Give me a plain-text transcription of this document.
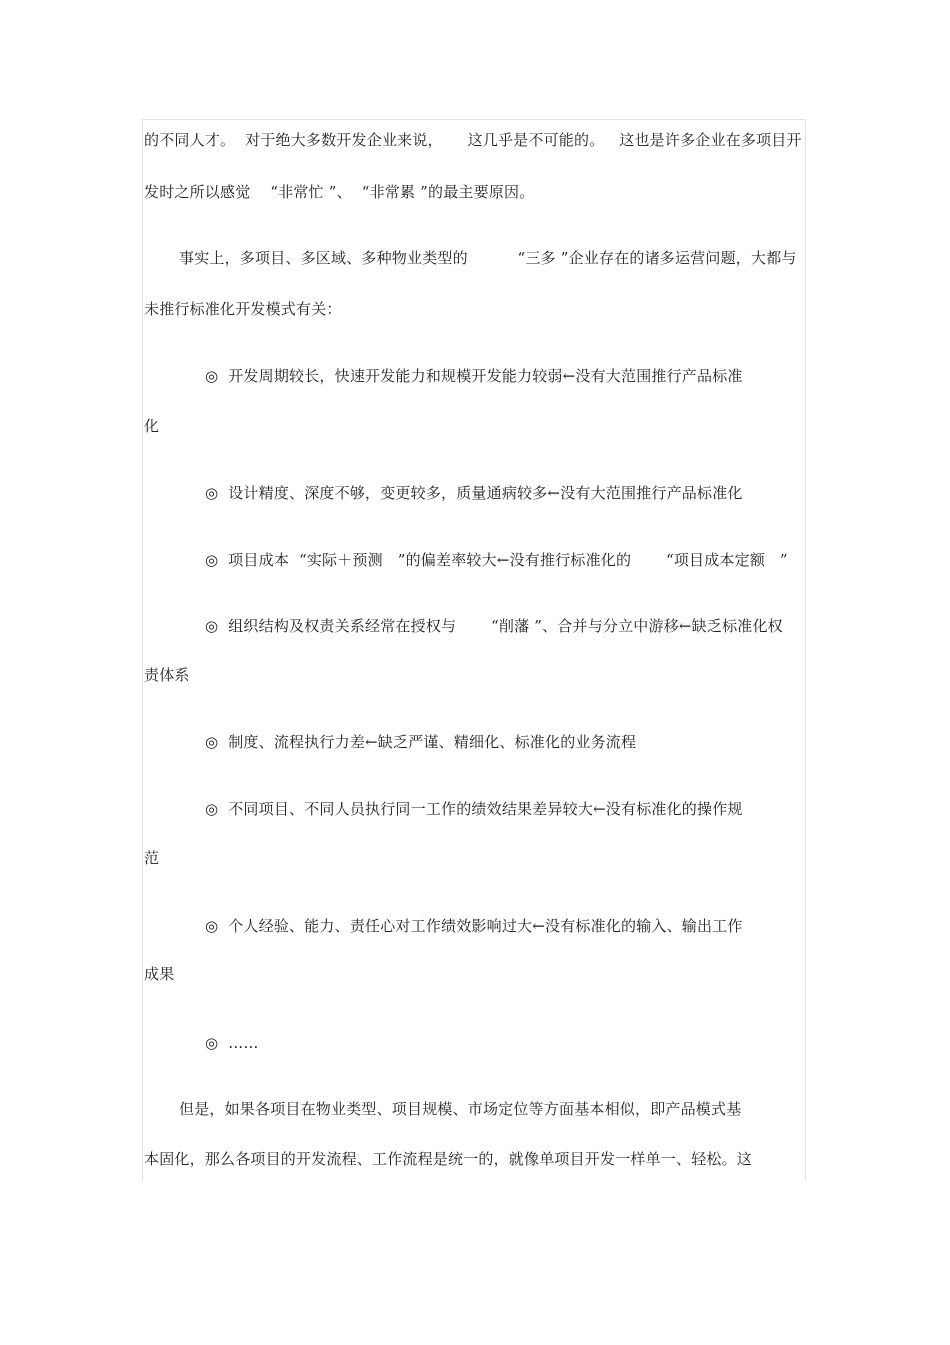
的不同人才。  对于绝大多数开发企业来说，     这几乎是不可能的。   这也是许多企业在多项目开
发时之所以感觉    “非常忙 ”、  “非常累 ”的最主要原因。
事实上，多项目、多区域、多种物业类型的          “三多 ”企业存在的诸多运营问题，大都与
未推行标准化开发模式有关：
◎  开发周期较长，快速开发能力和规模开发能力较弱←没有大范围推行产品标准
化
◎  设计精度、深度不够，变更较多，质量通病较多←没有大范围推行产品标准化
◎  项目成本  “实际＋预测   ”的偏差率较大←没有推行标准化的       “项目成本定额   ”
◎  组织结构及权责关系经常在授权与       “削藩 ”、合并与分立中游移←缺乏标准化权
责体系
◎  制度、流程执行力差←缺乏严谨、精细化、标准化的业务流程
◎  不同项目、不同人员执行同一工作的绩效结果差异较大←没有标准化的操作规
范
◎  个人经验、能力、责任心对工作绩效影响过大←没有标准化的输入、输出工作
成果
◎  ……
但是，如果各项目在物业类型、项目规模、市场定位等方面基本相似，即产品模式基
本固化，那么各项目的开发流程、工作流程是统一的，就像单项目开发一样单一、轻松。这
